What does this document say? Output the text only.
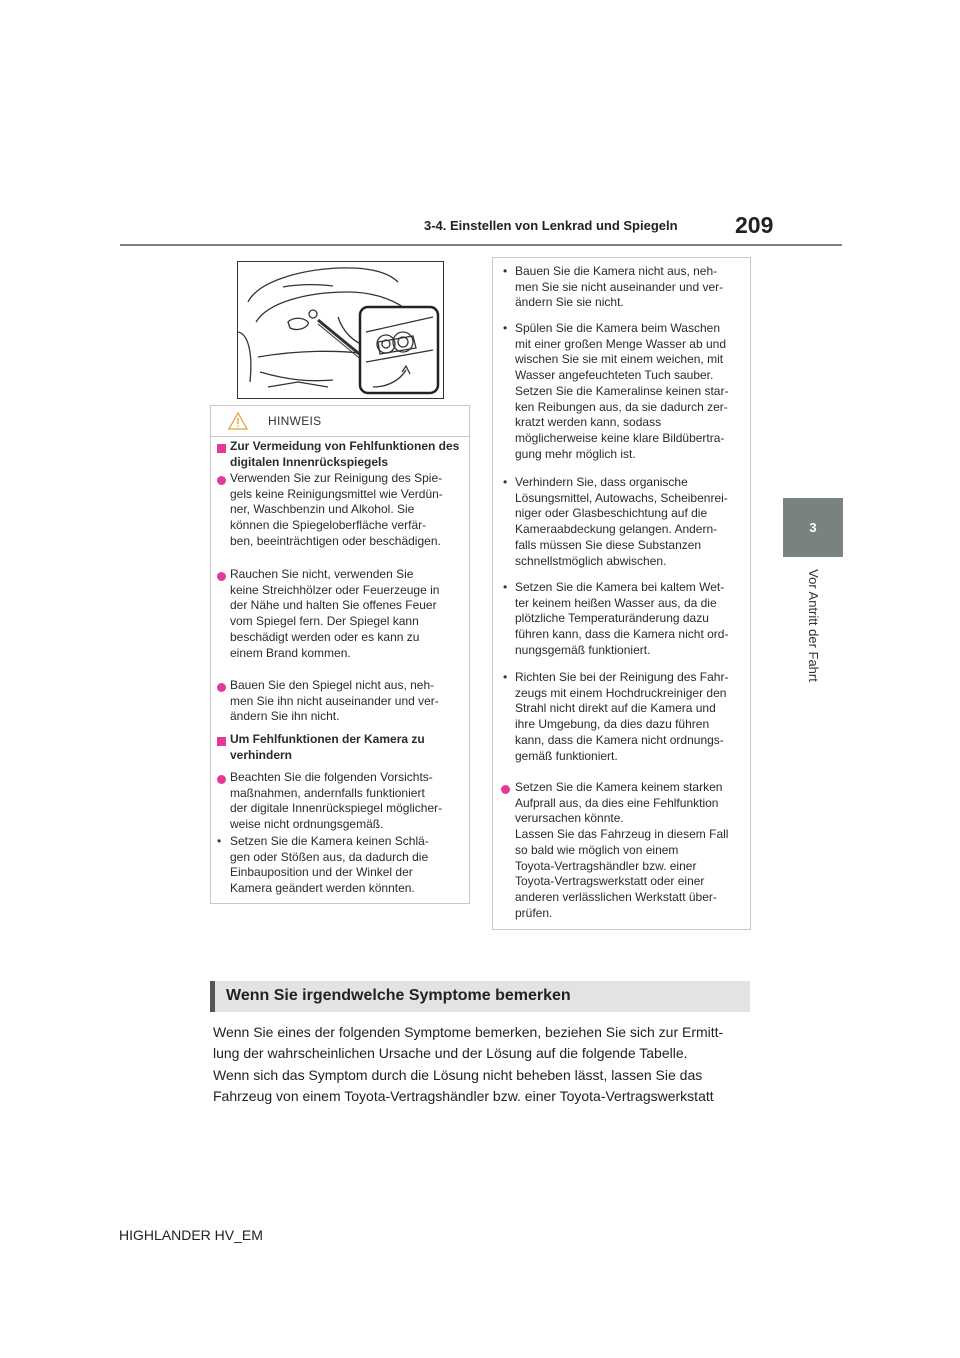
3-4. Einstellen von Lenkrad und Spiegeln 209
3
Vor Antritt der Fahrt
HINWEIS
Zur Vermeidung von Fehlfunktionen des digitalen Innenrückspiegels

Verwenden Sie zur Reinigung des Spie-

gels keine Reinigungsmittel wie Verdün-

ner, Waschbenzin und Alkohol. Sie

können die Spiegeloberfläche verfär-

ben, beeinträchtigen oder beschädigen.

Rauchen Sie nicht, verwenden Sie

keine Streichhölzer oder Feuerzeuge in

der Nähe und halten Sie offenes Feuer

vom Spiegel fern. Der Spiegel kann

beschädigt werden oder es kann zu

einem Brand kommen.

Bauen Sie den Spiegel nicht aus, neh-

men Sie ihn nicht auseinander und ver-

ändern Sie ihn nicht.

Um Fehlfunktionen der Kamera zu

verhindern

Beachten Sie die folgenden Vorsichts-

maßnahmen, andernfalls funktioniert

der digitale Innenrückspiegel möglicher-

weise nicht ordnungsgemäß.

• Setzen Sie die Kamera keinen Schlä-

gen oder Stößen aus, da dadurch die

Einbauposition und der Winkel der

Kamera geändert werden könnten.

• Bauen Sie die Kamera nicht aus, neh-

men Sie sie nicht auseinander und ver-

ändern Sie sie nicht.

• Spülen Sie die Kamera beim Waschen

mit einer großen Menge Wasser ab und

wischen Sie sie mit einem weichen, mit

Wasser angefeuchteten Tuch sauber.

Setzen Sie die Kameralinse keinen star-

ken Reibungen aus, da sie dadurch zer-

kratzt werden kann, sodass

möglicherweise keine klare Bildübertra-

gung mehr möglich ist.

• Verhindern Sie, dass organische

Lösungsmittel, Autowachs, Scheibenrei-

niger oder Glasbeschichtung auf die

Kameraabdeckung gelangen. Andern-

falls müssen Sie diese Substanzen

schnellstmöglich abwischen.

• Setzen Sie die Kamera bei kaltem Wet-

ter keinem heißen Wasser aus, da die

plötzliche Temperaturänderung dazu

führen kann, dass die Kamera nicht ord-

nungsgemäß funktioniert.

• Richten Sie bei der Reinigung des Fahr-

zeugs mit einem Hochdruckreiniger den

Strahl nicht direkt auf die Kamera und

ihre Umgebung, da dies dazu führen

kann, dass die Kamera nicht ordnungs-

gemäß funktioniert.

Setzen Sie die Kamera keinem starken

Aufprall aus, da dies eine Fehlfunktion

verursachen könnte.

Lassen Sie das Fahrzeug in diesem Fall

so bald wie möglich von einem

Toyota-Vertragshändler bzw. einer

Toyota-Vertragswerkstatt oder einer

anderen verlässlichen Werkstatt über-

prüfen.

Wenn Sie irgendwelche Symptome bemerken

Wenn Sie eines der folgenden Symptome bemerken, beziehen Sie sich zur Ermitt-

lung der wahrscheinlichen Ursache und der Lösung auf die folgende Tabelle.

Wenn sich das Symptom durch die Lösung nicht beheben lässt, lassen Sie das

Fahrzeug von einem Toyota-Vertragshändler bzw. einer Toyota-Vertragswerkstatt

HIGHLANDER HV_EM
